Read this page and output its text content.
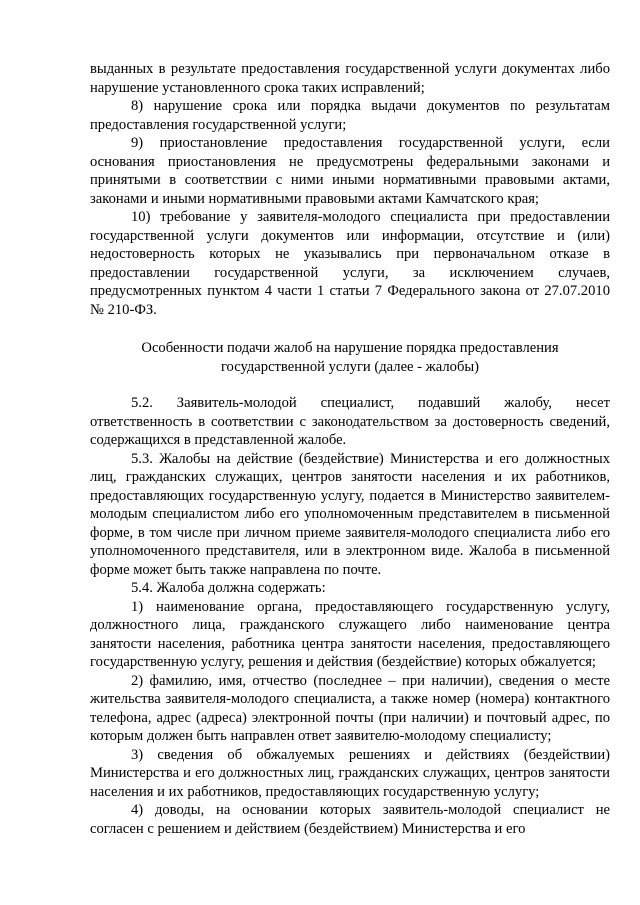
выданных в результате предоставления государственной услуги документах либо нарушение установленного срока таких исправлений;

8) нарушение срока или порядка выдачи документов по результатам предоставления государственной услуги;

9) приостановление предоставления государственной услуги, если основания приостановления не предусмотрены федеральными законами и принятыми в соответствии с ними иными нормативными правовыми актами, законами и иными нормативными правовыми актами Камчатского края;

10) требование у заявителя-молодого специалиста при предоставлении государственной услуги документов или информации, отсутствие и (или) недостоверность которых не указывались при первоначальном отказе в предоставлении государственной услуги, за исключением случаев, предусмотренных пунктом 4 части 1 статьи 7 Федерального закона от 27.07.2010 № 210-ФЗ.

Особенности подачи жалоб на нарушение порядка предоставления государственной услуги (далее - жалобы)

5.2. Заявитель-молодой специалист, подавший жалобу, несет ответственность в соответствии с законодательством за достоверность сведений, содержащихся в представленной жалобе.

5.3. Жалобы на действие (бездействие) Министерства и его должностных лиц, гражданских служащих, центров занятости населения и их работников, предоставляющих государственную услугу, подается в Министерство заявителем-молодым специалистом либо его уполномоченным представителем в письменной форме, в том числе при личном приеме заявителя-молодого специалиста либо его уполномоченного представителя, или в электронном виде. Жалоба в письменной форме может быть также направлена по почте.

5.4. Жалоба должна содержать:

1) наименование органа, предоставляющего государственную услугу, должностного лица, гражданского служащего либо наименование центра занятости населения, работника центра занятости населения, предоставляющего государственную услугу, решения и действия (бездействие) которых обжалуется;

2) фамилию, имя, отчество (последнее – при наличии), сведения о месте жительства заявителя-молодого специалиста, а также номер (номера) контактного телефона, адрес (адреса) электронной почты (при наличии) и почтовый адрес, по которым должен быть направлен ответ заявителю-молодому специалисту;

3) сведения об обжалуемых решениях и действиях (бездействии) Министерства и его должностных лиц, гражданских служащих, центров занятости населения и их работников, предоставляющих государственную услугу;

4) доводы, на основании которых заявитель-молодой специалист не согласен с решением и действием (бездействием) Министерства и его
